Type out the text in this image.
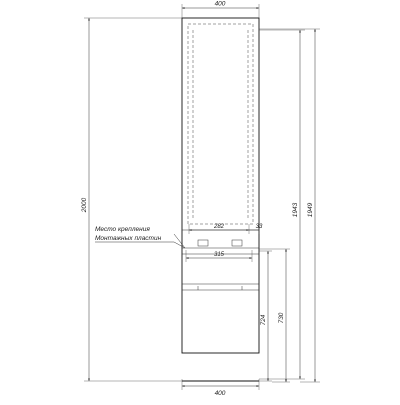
400
400
2000	1943 1949
282	33
315
724 730
Место крепления
Монтажных пластин
